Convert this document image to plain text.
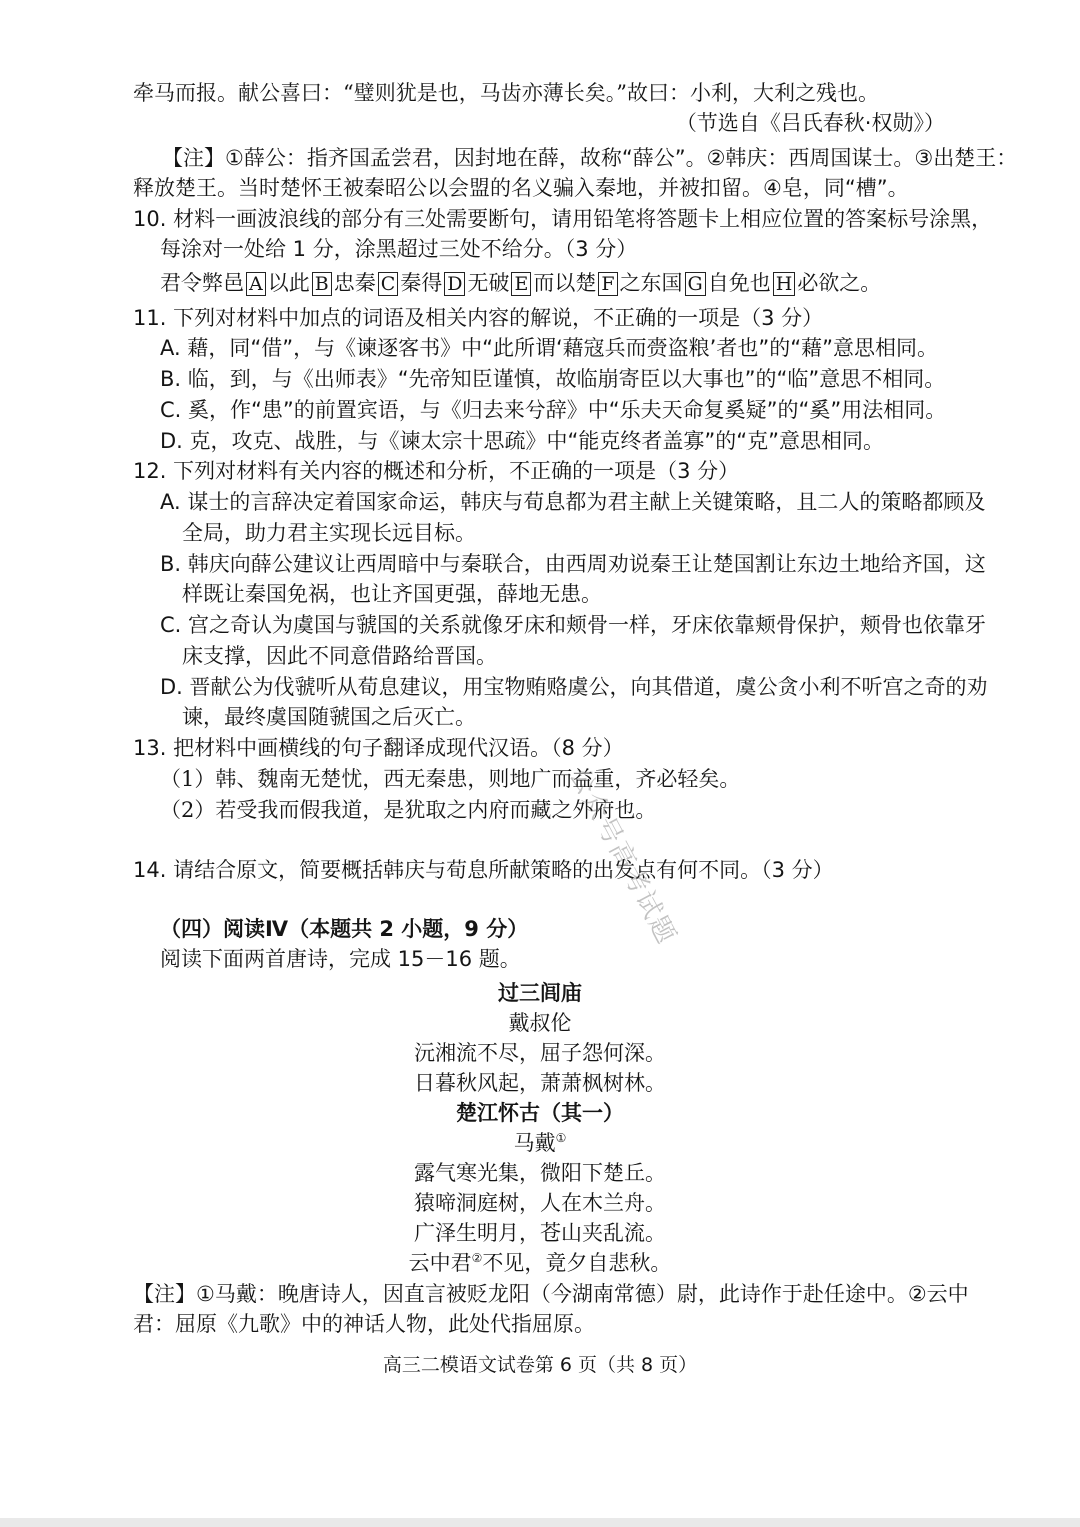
牵马而报。献公喜曰：“璧则犹是也，马齿亦薄长矣。”故曰：小利，大利之残也。
（节选自《吕氏春秋·权勋》）
【注】①薛公：指齐国孟尝君，因封地在薛，故称“薛公”。②韩庆：西周国谋士。③出楚王：
释放楚王。当时楚怀王被秦昭公以会盟的名义骗入秦地，并被扣留。④皂，同“槽”。
10. 材料一画波浪线的部分有三处需要断句，请用铅笔将答题卡上相应位置的答案标号涂黑，
每涂对一处给 1 分，涂黑超过三处不给分。（3 分）
君令弊邑 A 以此 B 忠秦 C 秦得 D 无破 E 而以楚 F 之东国 G 自免也 H 必欲之。
11. 下列对材料中加点的词语及相关内容的解说，不正确的一项是（3 分）
A. 藉，同“借”，与《谏逐客书》中“此所谓‘藉寇兵而赍盗粮’者也”的“藉”意思相同。
B. 临，到，与《出师表》“先帝知臣谨慎，故临崩寄臣以大事也”的“临”意思不相同。
C. 奚，作“患”的前置宾语，与《归去来兮辞》中“乐夫天命复奚疑”的“奚”用法相同。
D. 克，攻克、战胜，与《谏太宗十思疏》中“能克终者盖寡”的“克”意思相同。
12. 下列对材料有关内容的概述和分析，不正确的一项是（3 分）
A. 谋士的言辞决定着国家命运，韩庆与荀息都为君主献上关键策略，且二人的策略都顾及
全局，助力君主实现长远目标。
B. 韩庆向薛公建议让西周暗中与秦联合，由西周劝说秦王让楚国割让东边土地给齐国，这
样既让秦国免祸，也让齐国更强，薛地无患。
C. 宫之奇认为虞国与虢国的关系就像牙床和颊骨一样，牙床依靠颊骨保护，颊骨也依靠牙
床支撑，因此不同意借路给晋国。
D. 晋献公为伐虢听从荀息建议，用宝物贿赂虞公，向其借道，虞公贪小利不听宫之奇的劝
谏，最终虞国随虢国之后灭亡。
13. 把材料中画横线的句子翻译成现代汉语。（8 分）
（1）韩、魏南无楚忧，西无秦患，则地广而益重，齐必轻矣。
（2）若受我而假我道，是犹取之内府而藏之外府也。
14. 请结合原文，简要概括韩庆与荀息所献策略的出发点有何不同。（3 分）
（四）阅读Ⅳ（本题共 2 小题，9 分）
阅读下面两首唐诗，完成 15－16 题。
过三闾庙
戴叔伦
沅湘流不尽，屈子怨何深。
日暮秋风起，萧萧枫树林。
楚江怀古（其一）
马戴①
露气寒光集，微阳下楚丘。
猿啼洞庭树，人在木兰舟。
广泽生明月，苍山夹乱流。
云中君②不见，竟夕自悲秋。
【注】①马戴：晚唐诗人，因直言被贬龙阳（今湖南常德）尉，此诗作于赴任途中。②云中
君：屈原《九歌》中的神话人物，此处代指屈原。
高三二模语文试卷第 6 页（共 8 页）
公众号高考试题
